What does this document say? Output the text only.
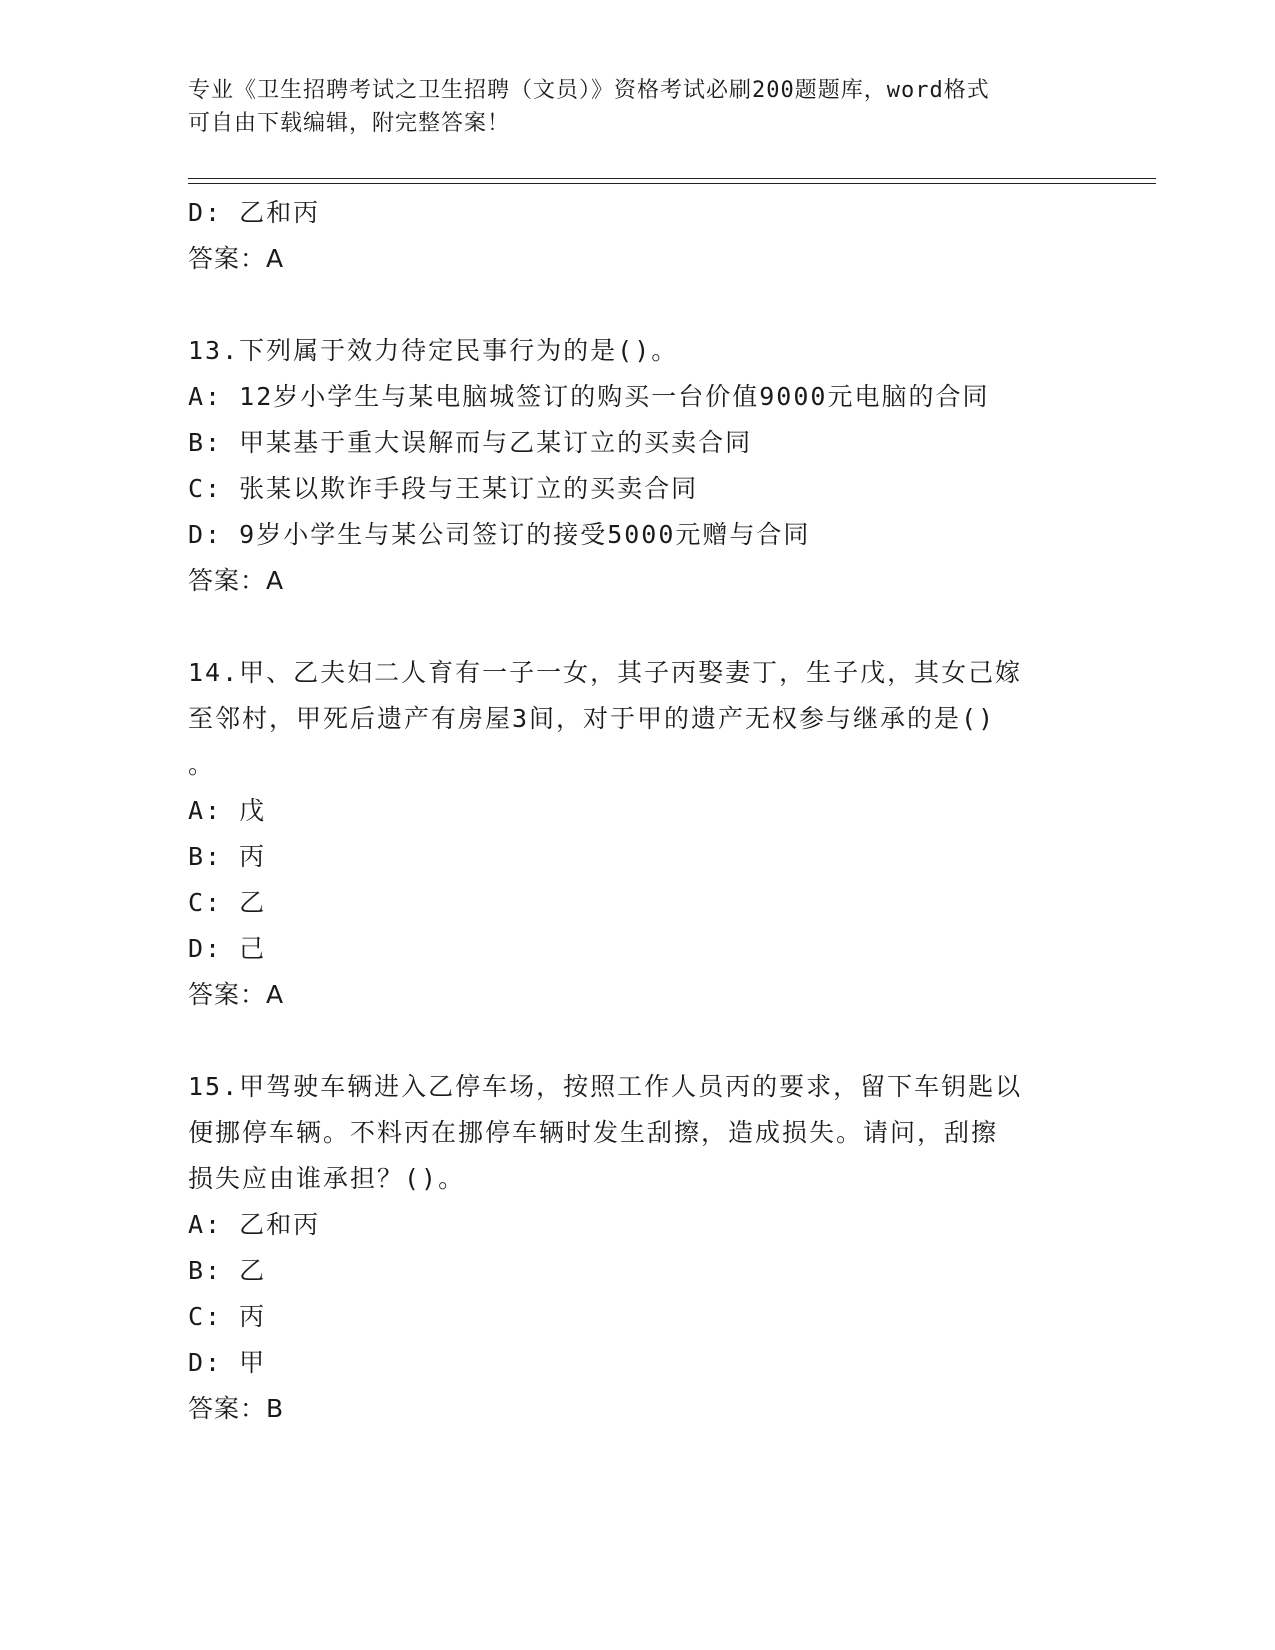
专业《卫生招聘考试之卫生招聘（文员）》资格考试必刷200题题库，word格式
可自由下载编辑，附完整答案！
D: 乙和丙
答案：A
13.下列属于效力待定民事行为的是()。
A: 12岁小学生与某电脑城签订的购买一台价值9000元电脑的合同
B: 甲某基于重大误解而与乙某订立的买卖合同
C: 张某以欺诈手段与王某订立的买卖合同
D: 9岁小学生与某公司签订的接受5000元赠与合同
答案：A
14.甲、乙夫妇二人育有一子一女，其子丙娶妻丁，生子戊，其女己嫁
至邻村，甲死后遗产有房屋3间，对于甲的遗产无权参与继承的是()
。
A: 戊
B: 丙
C: 乙
D: 己
答案：A
15.甲驾驶车辆进入乙停车场，按照工作人员丙的要求，留下车钥匙以
便挪停车辆。不料丙在挪停车辆时发生刮擦，造成损失。请问，刮擦
损失应由谁承担？()。
A: 乙和丙
B: 乙
C: 丙
D: 甲
答案：B
